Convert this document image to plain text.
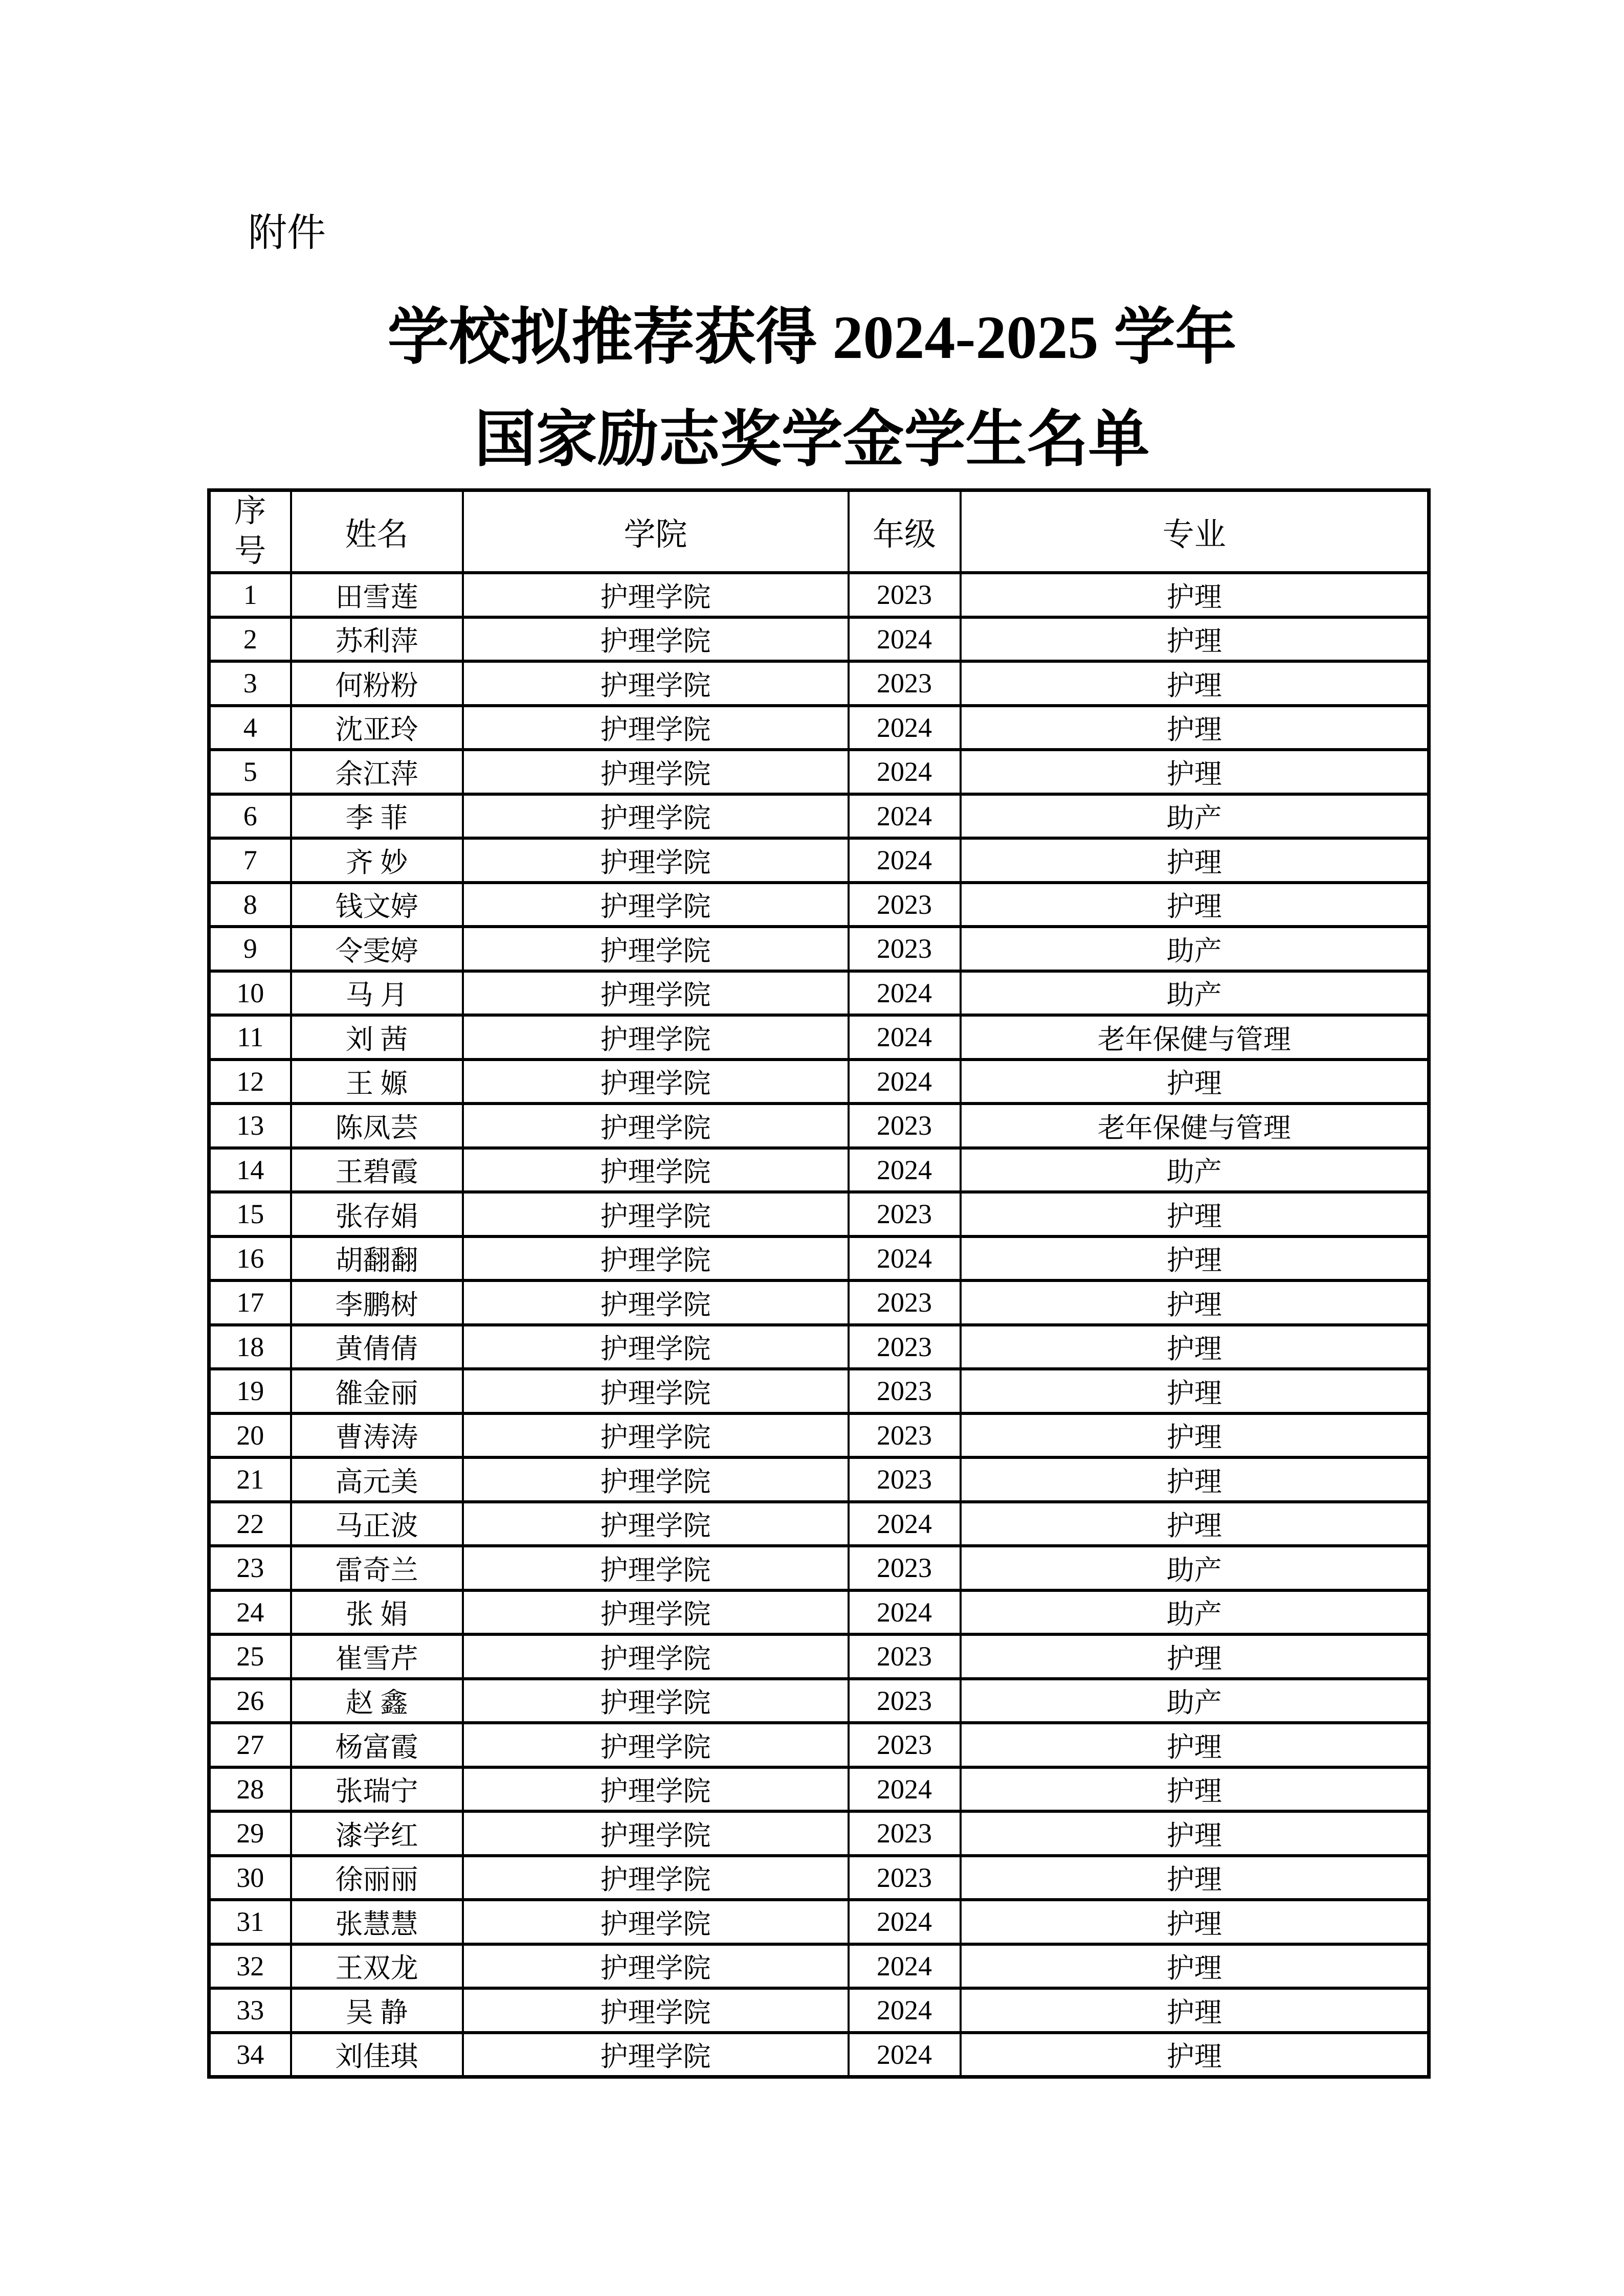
附件
学校拟推荐获得 2024-2025 学年
国家励志奖学金学生名单
序号	姓名	学院	年级	专业
1	田雪莲	护理学院	2023	护理
2	苏利萍	护理学院	2024	护理
3	何粉粉	护理学院	2023	护理
4	沈亚玲	护理学院	2024	护理
5	余江萍	护理学院	2024	护理
6	李 菲	护理学院	2024	助产
7	齐 妙	护理学院	2024	护理
8	钱文婷	护理学院	2023	护理
9	令雯婷	护理学院	2023	助产
10	马 月	护理学院	2024	助产
11	刘 茜	护理学院	2024	老年保健与管理
12	王 嫄	护理学院	2024	护理
13	陈凤芸	护理学院	2023	老年保健与管理
14	王碧霞	护理学院	2024	助产
15	张存娟	护理学院	2023	护理
16	胡翻翻	护理学院	2024	护理
17	李鹏树	护理学院	2023	护理
18	黄倩倩	护理学院	2023	护理
19	雒金丽	护理学院	2023	护理
20	曹涛涛	护理学院	2023	护理
21	高元美	护理学院	2023	护理
22	马正波	护理学院	2024	护理
23	雷奇兰	护理学院	2023	助产
24	张 娟	护理学院	2024	助产
25	崔雪芹	护理学院	2023	护理
26	赵 鑫	护理学院	2023	助产
27	杨富霞	护理学院	2023	护理
28	张瑞宁	护理学院	2024	护理
29	漆学红	护理学院	2023	护理
30	徐丽丽	护理学院	2023	护理
31	张慧慧	护理学院	2024	护理
32	王双龙	护理学院	2024	护理
33	吴 静	护理学院	2024	护理
34	刘佳琪	护理学院	2024	护理
